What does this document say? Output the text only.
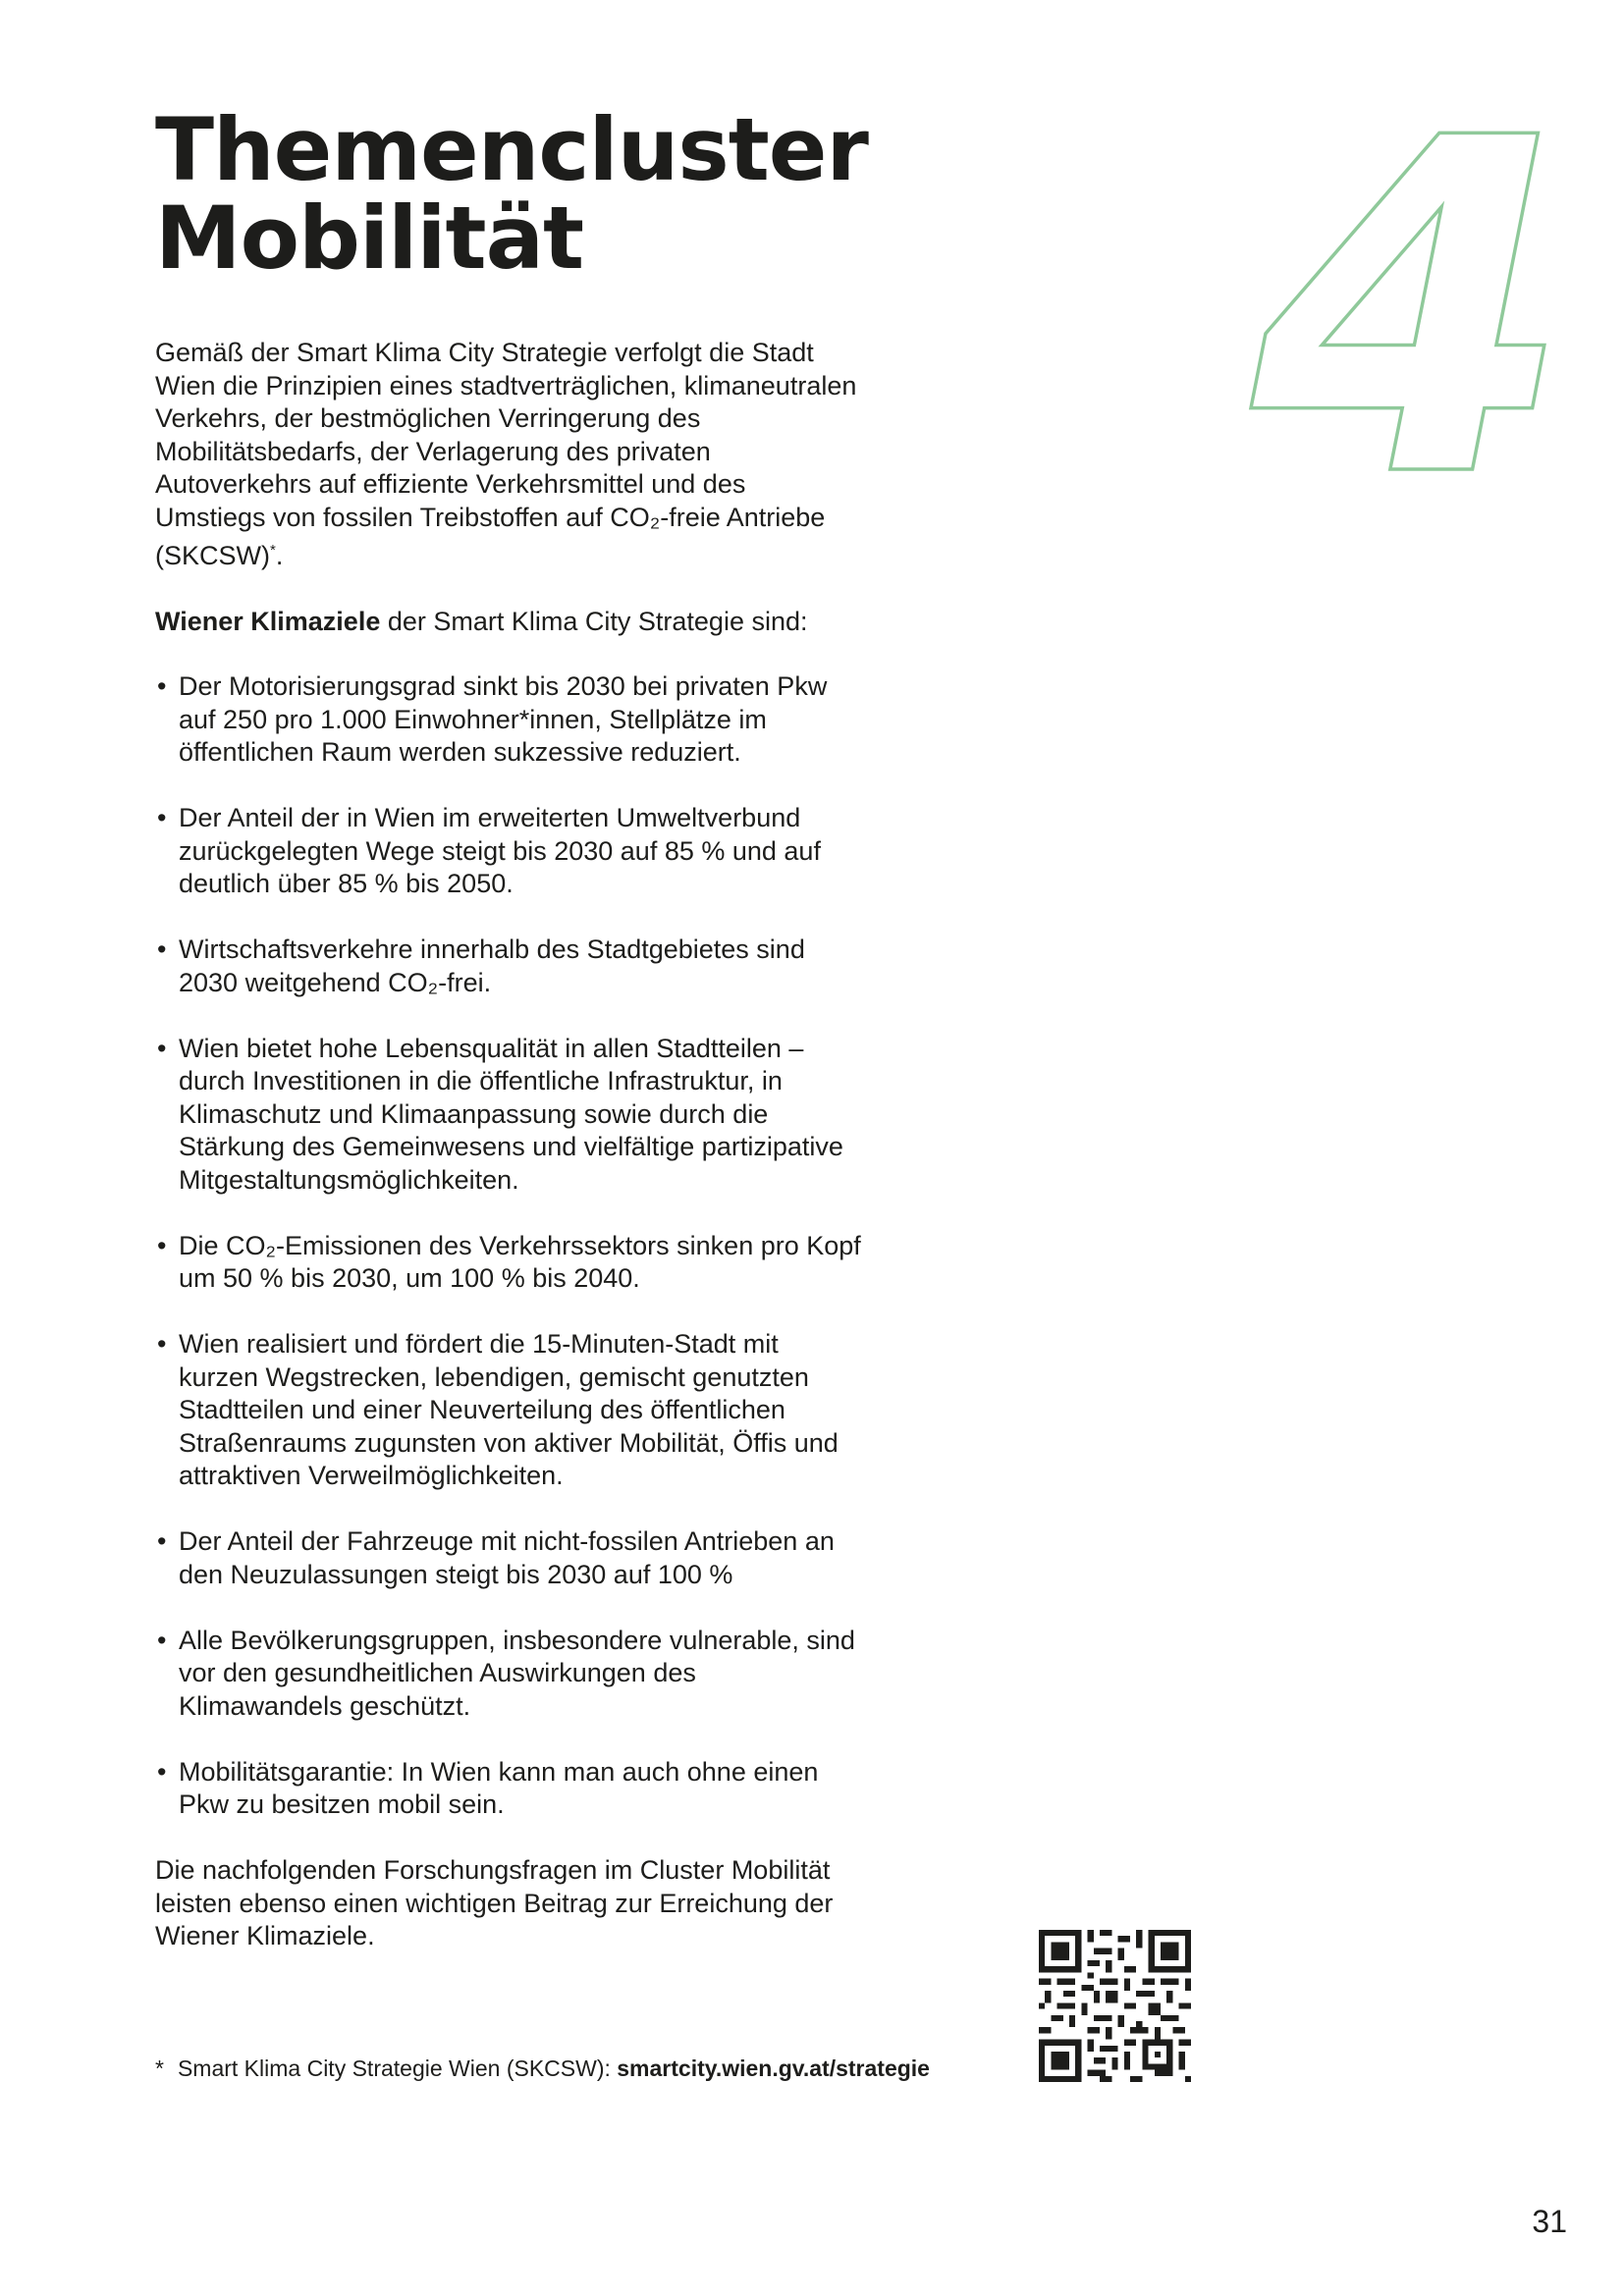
Themencluster
Mobilität	4

Gemäß der Smart Klima City Strategie verfolgt die Stadt Wien die Prinzipien eines stadtverträglichen, klimaneutralen Verkehrs, der bestmöglichen Verringerung des Mobilitätsbedarfs, der Verlagerung des privaten Autoverkehrs auf effiziente Verkehrsmittel und des Umstiegs von fossilen Treibstoffen auf CO₂-freie Antriebe (SKCSW)*.

Wiener Klimaziele der Smart Klima City Strategie sind:

• Der Motorisierungsgrad sinkt bis 2030 bei privaten Pkw auf 250 pro 1.000 Einwohner*innen, Stellplätze im öffentlichen Raum werden sukzessive reduziert.
• Der Anteil der in Wien im erweiterten Umweltverbund zurückgelegten Wege steigt bis 2030 auf 85 % und auf deutlich über 85 % bis 2050.
• Wirtschaftsverkehre innerhalb des Stadtgebietes sind 2030 weitgehend CO₂-frei.
• Wien bietet hohe Lebensqualität in allen Stadtteilen – durch Investitionen in die öffentliche Infrastruktur, in Klimaschutz und Klimaanpassung sowie durch die Stärkung des Gemeinwesens und vielfältige partizipative Mitgestaltungsmöglichkeiten.
• Die CO₂-Emissionen des Verkehrssektors sinken pro Kopf um 50 % bis 2030, um 100 % bis 2040.
• Wien realisiert und fördert die 15-Minuten-Stadt mit kurzen Wegstrecken, lebendigen, gemischt genutzten Stadtteilen und einer Neuverteilung des öffentlichen Straßenraums zugunsten von aktiver Mobilität, Öffis und attraktiven Verweilmöglichkeiten.
• Der Anteil der Fahrzeuge mit nicht-fossilen Antrieben an den Neuzulassungen steigt bis 2030 auf 100 %
• Alle Bevölkerungsgruppen, insbesondere vulnerable, sind vor den gesundheitlichen Auswirkungen des Klimawandels geschützt.
• Mobilitätsgarantie: In Wien kann man auch ohne einen Pkw zu besitzen mobil sein.

Die nachfolgenden Forschungsfragen im Cluster Mobilität leisten ebenso einen wichtigen Beitrag zur Erreichung der Wiener Klimaziele.

* Smart Klima City Strategie Wien (SKCSW): smartcity.wien.gv.at/strategie
31
